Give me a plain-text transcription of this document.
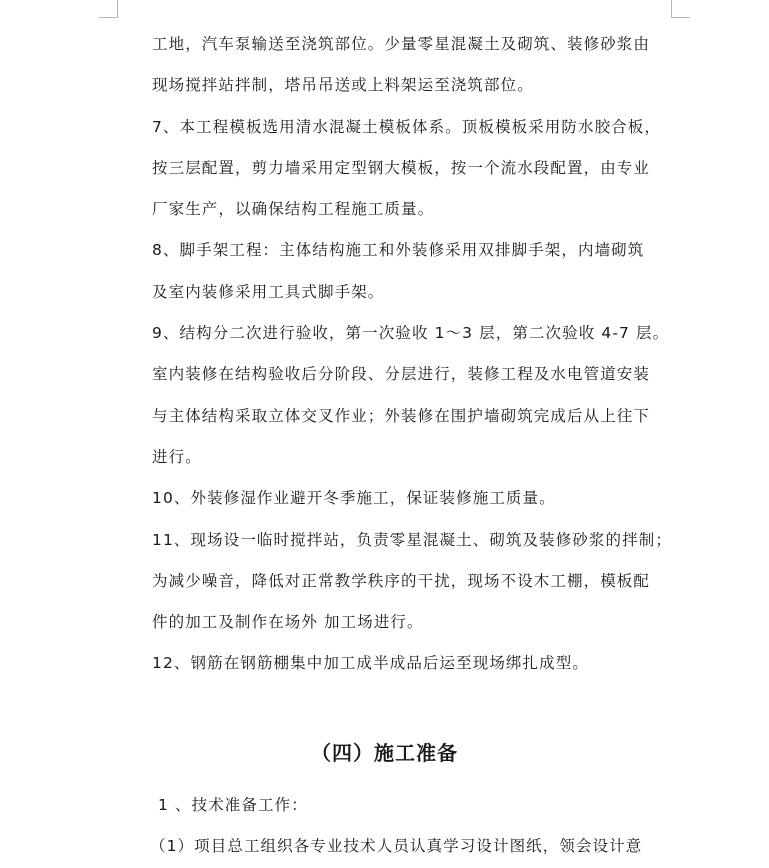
工地，汽车泵输送至浇筑部位。少量零星混凝土及砌筑、装修砂浆由
现场搅拌站拌制，塔吊吊送或上料架运至浇筑部位。
7、本工程模板选用清水混凝土模板体系。顶板模板采用防水胶合板，
按三层配置，剪力墙采用定型钢大模板，按一个流水段配置，由专业
厂家生产，以确保结构工程施工质量。
8、脚手架工程：主体结构施工和外装修采用双排脚手架，内墙砌筑
及室内装修采用工具式脚手架。
9、结构分二次进行验收，第一次验收 1～3 层，第二次验收 4-7 层。
室内装修在结构验收后分阶段、分层进行，装修工程及水电管道安装
与主体结构采取立体交叉作业；外装修在围护墙砌筑完成后从上往下
进行。
10、外装修湿作业避开冬季施工，保证装修施工质量。
11、现场设一临时搅拌站，负责零星混凝土、砌筑及装修砂浆的拌制；
为减少噪音，降低对正常教学秩序的干扰，现场不设木工棚，模板配
件的加工及制作在场外 加工场进行。
12、钢筋在钢筋棚集中加工成半成品后运至现场绑扎成型。
（四）施工准备
1 、技术准备工作：
（1）项目总工组织各专业技术人员认真学习设计图纸，领会设计意
